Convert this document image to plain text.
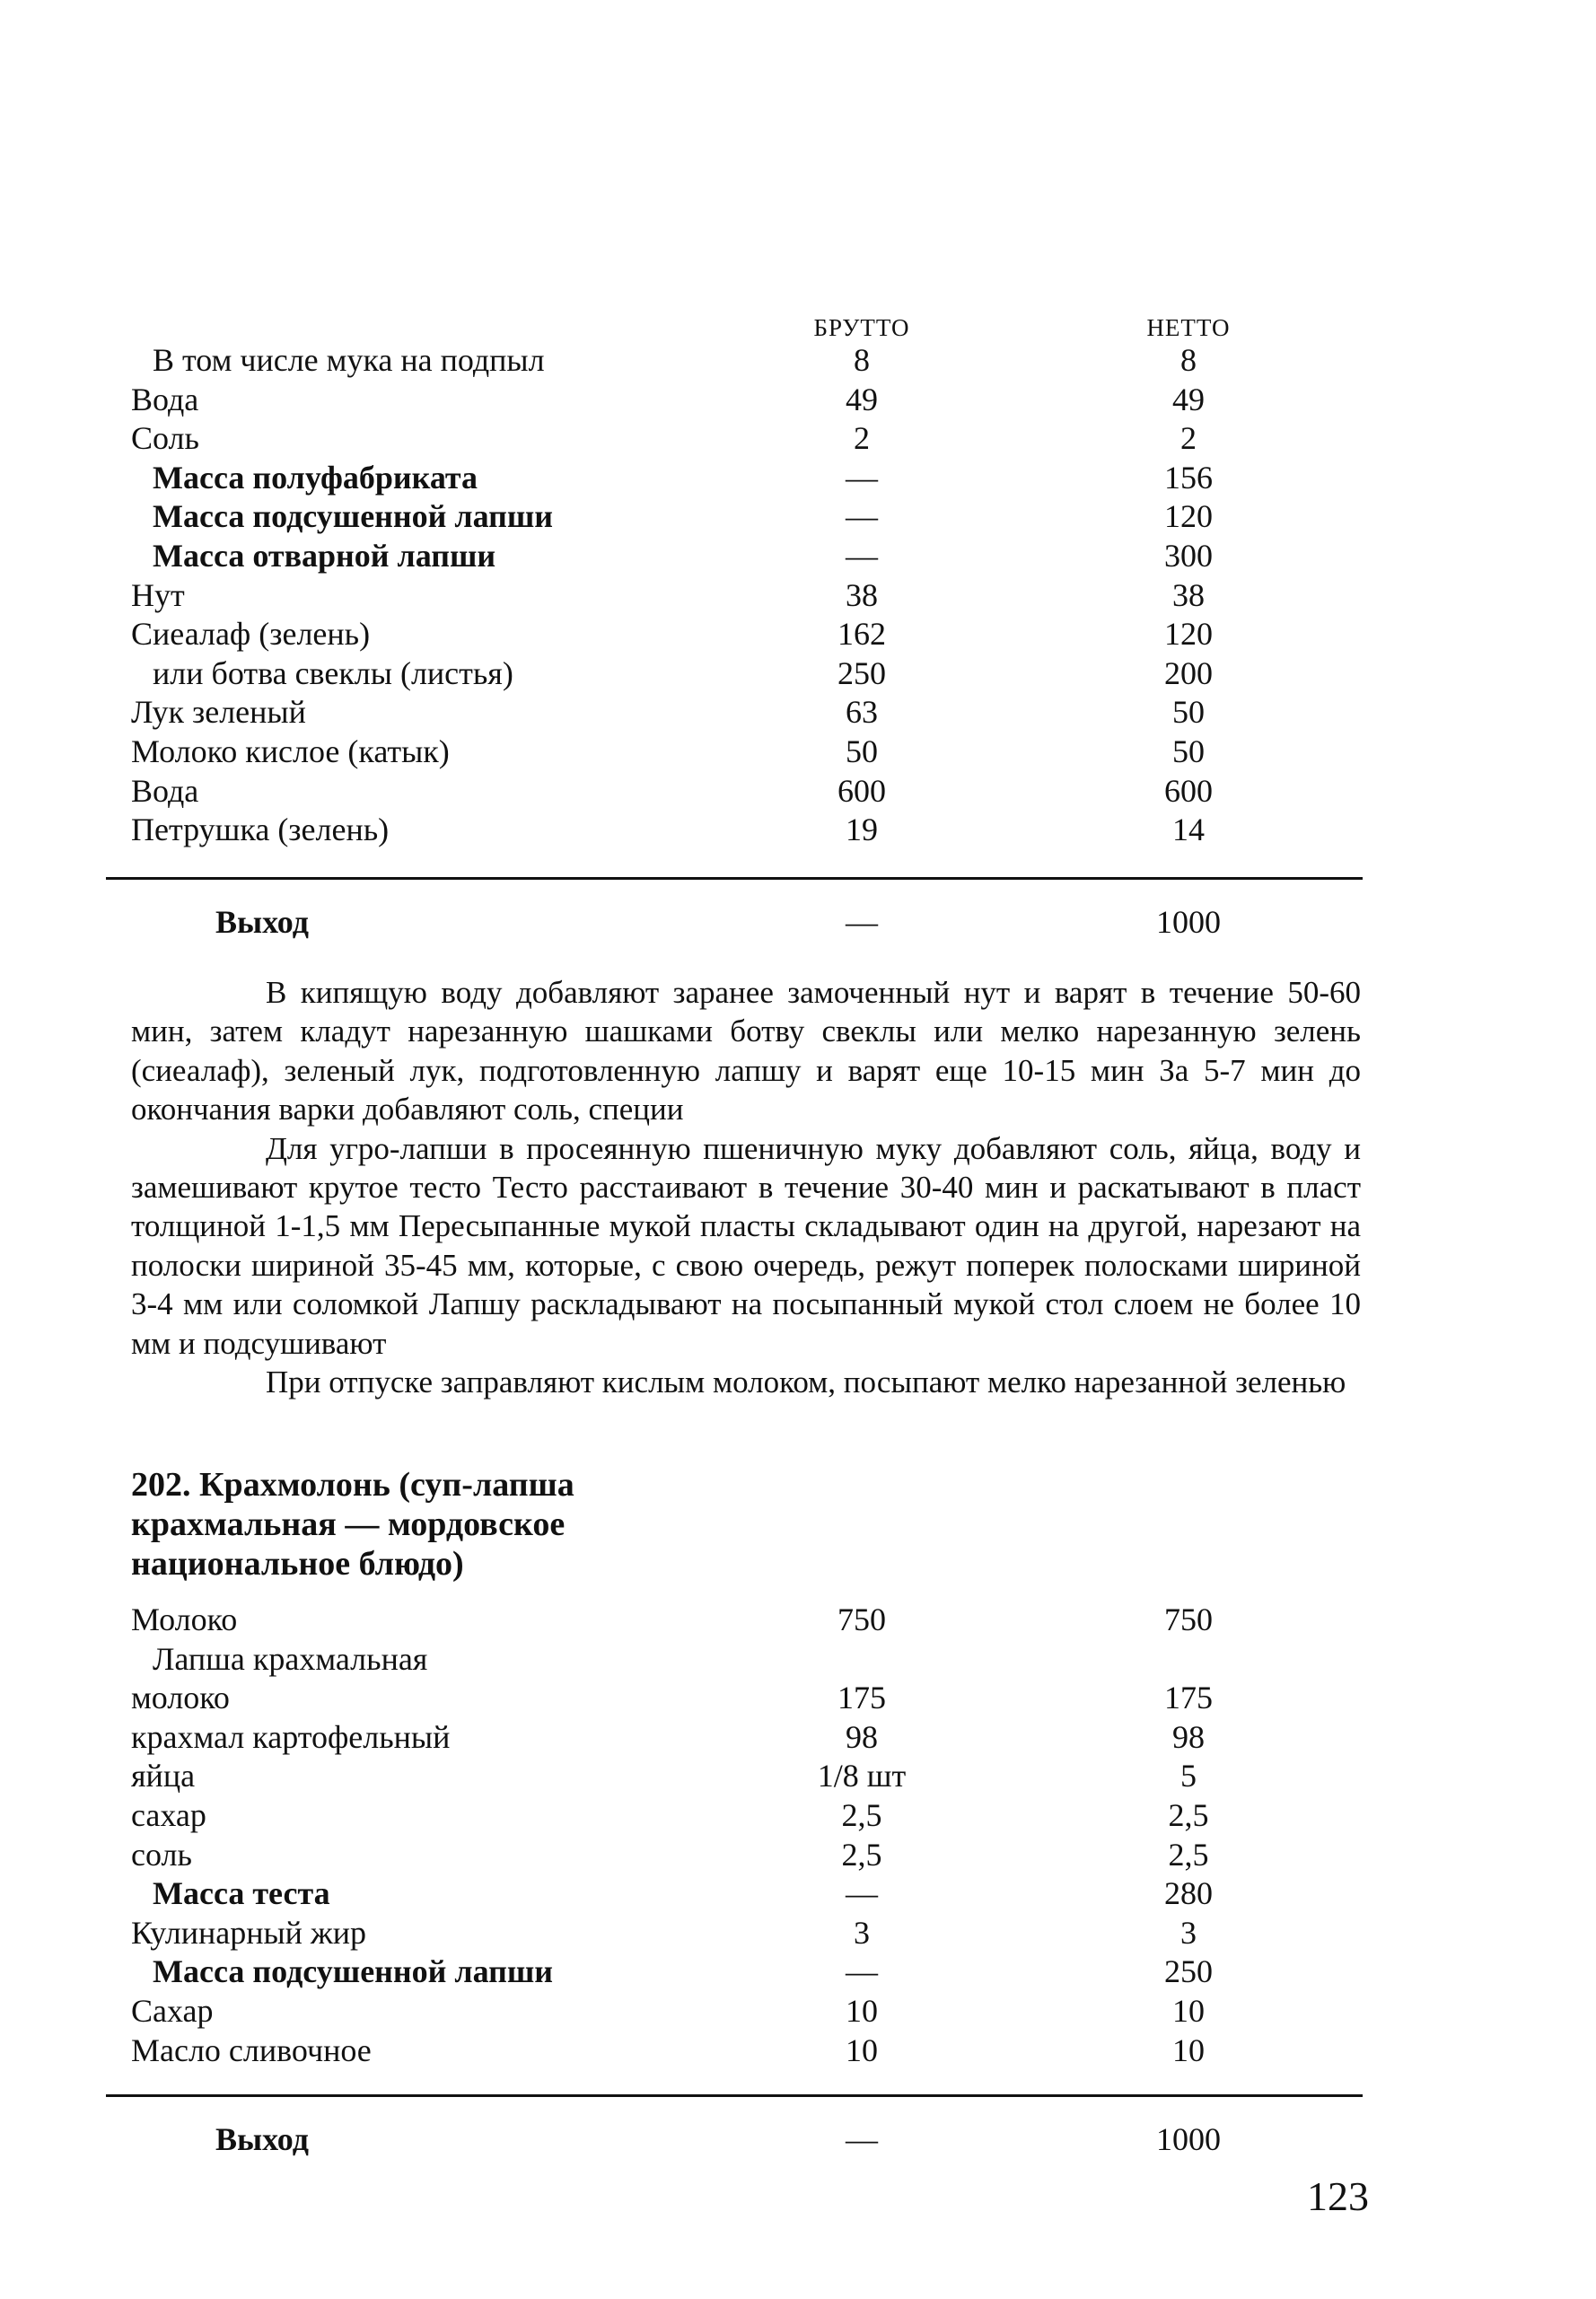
БРУТТО	НЕТТО
В том числе мука на подпыл	8	8
Вода	49	49
Соль	2	2
Масса полуфабриката	—	156
Масса подсушенной лапши	—	120
Масса отварной лапши	—	300
Нут	38	38
Сиеалаф (зелень)	162	120
или ботва свеклы (листья)	250	200
Лук зеленый	63	50
Молоко кислое (катык)	50	50
Вода	600	600
Петрушка (зелень)	19	14
Выход	—	1000

В кипящую воду добавляют заранее замоченный нут и варят в течение 50-60 мин, затем кладут нарезанную шашками ботву свеклы или мелко нарезанную зелень (сиеалаф), зеленый лук, подготовленную лапшу и варят еще 10-15 мин За 5-7 мин до окончания варки добавляют соль, специи

Для угро-лапши в просеянную пшеничную муку добавляют соль, яйца, воду и замешивают крутое тесто Тесто расстаивают в течение 30-40 мин и раскатывают в пласт толщиной 1-1,5 мм Пересыпанные мукой пласты складывают один на другой, нарезают на полоски шириной 35-45 мм, которые, с свою очередь, режут поперек полосками шириной 3-4 мм или соломкой Лапшу раскладывают на посыпанный мукой стол слоем не более 10 мм и подсушивают

При отпуске заправляют кислым молоком, посыпают мелко нарезанной зеленью

202. Крахмолонь (суп-лапша крахмальная — мордовское национальное блюдо)
Молоко	750	750
Лапша крахмальная
молоко	175	175
крахмал картофельный	98	98
яйца	1/8 шт	5
сахар	2,5	2,5
соль	2,5	2,5
Масса теста	—	280
Кулинарный жир	3	3
Масса подсушенной лапши	—	250
Сахар	10	10
Масло сливочное	10	10
Выход	—	1000
123
